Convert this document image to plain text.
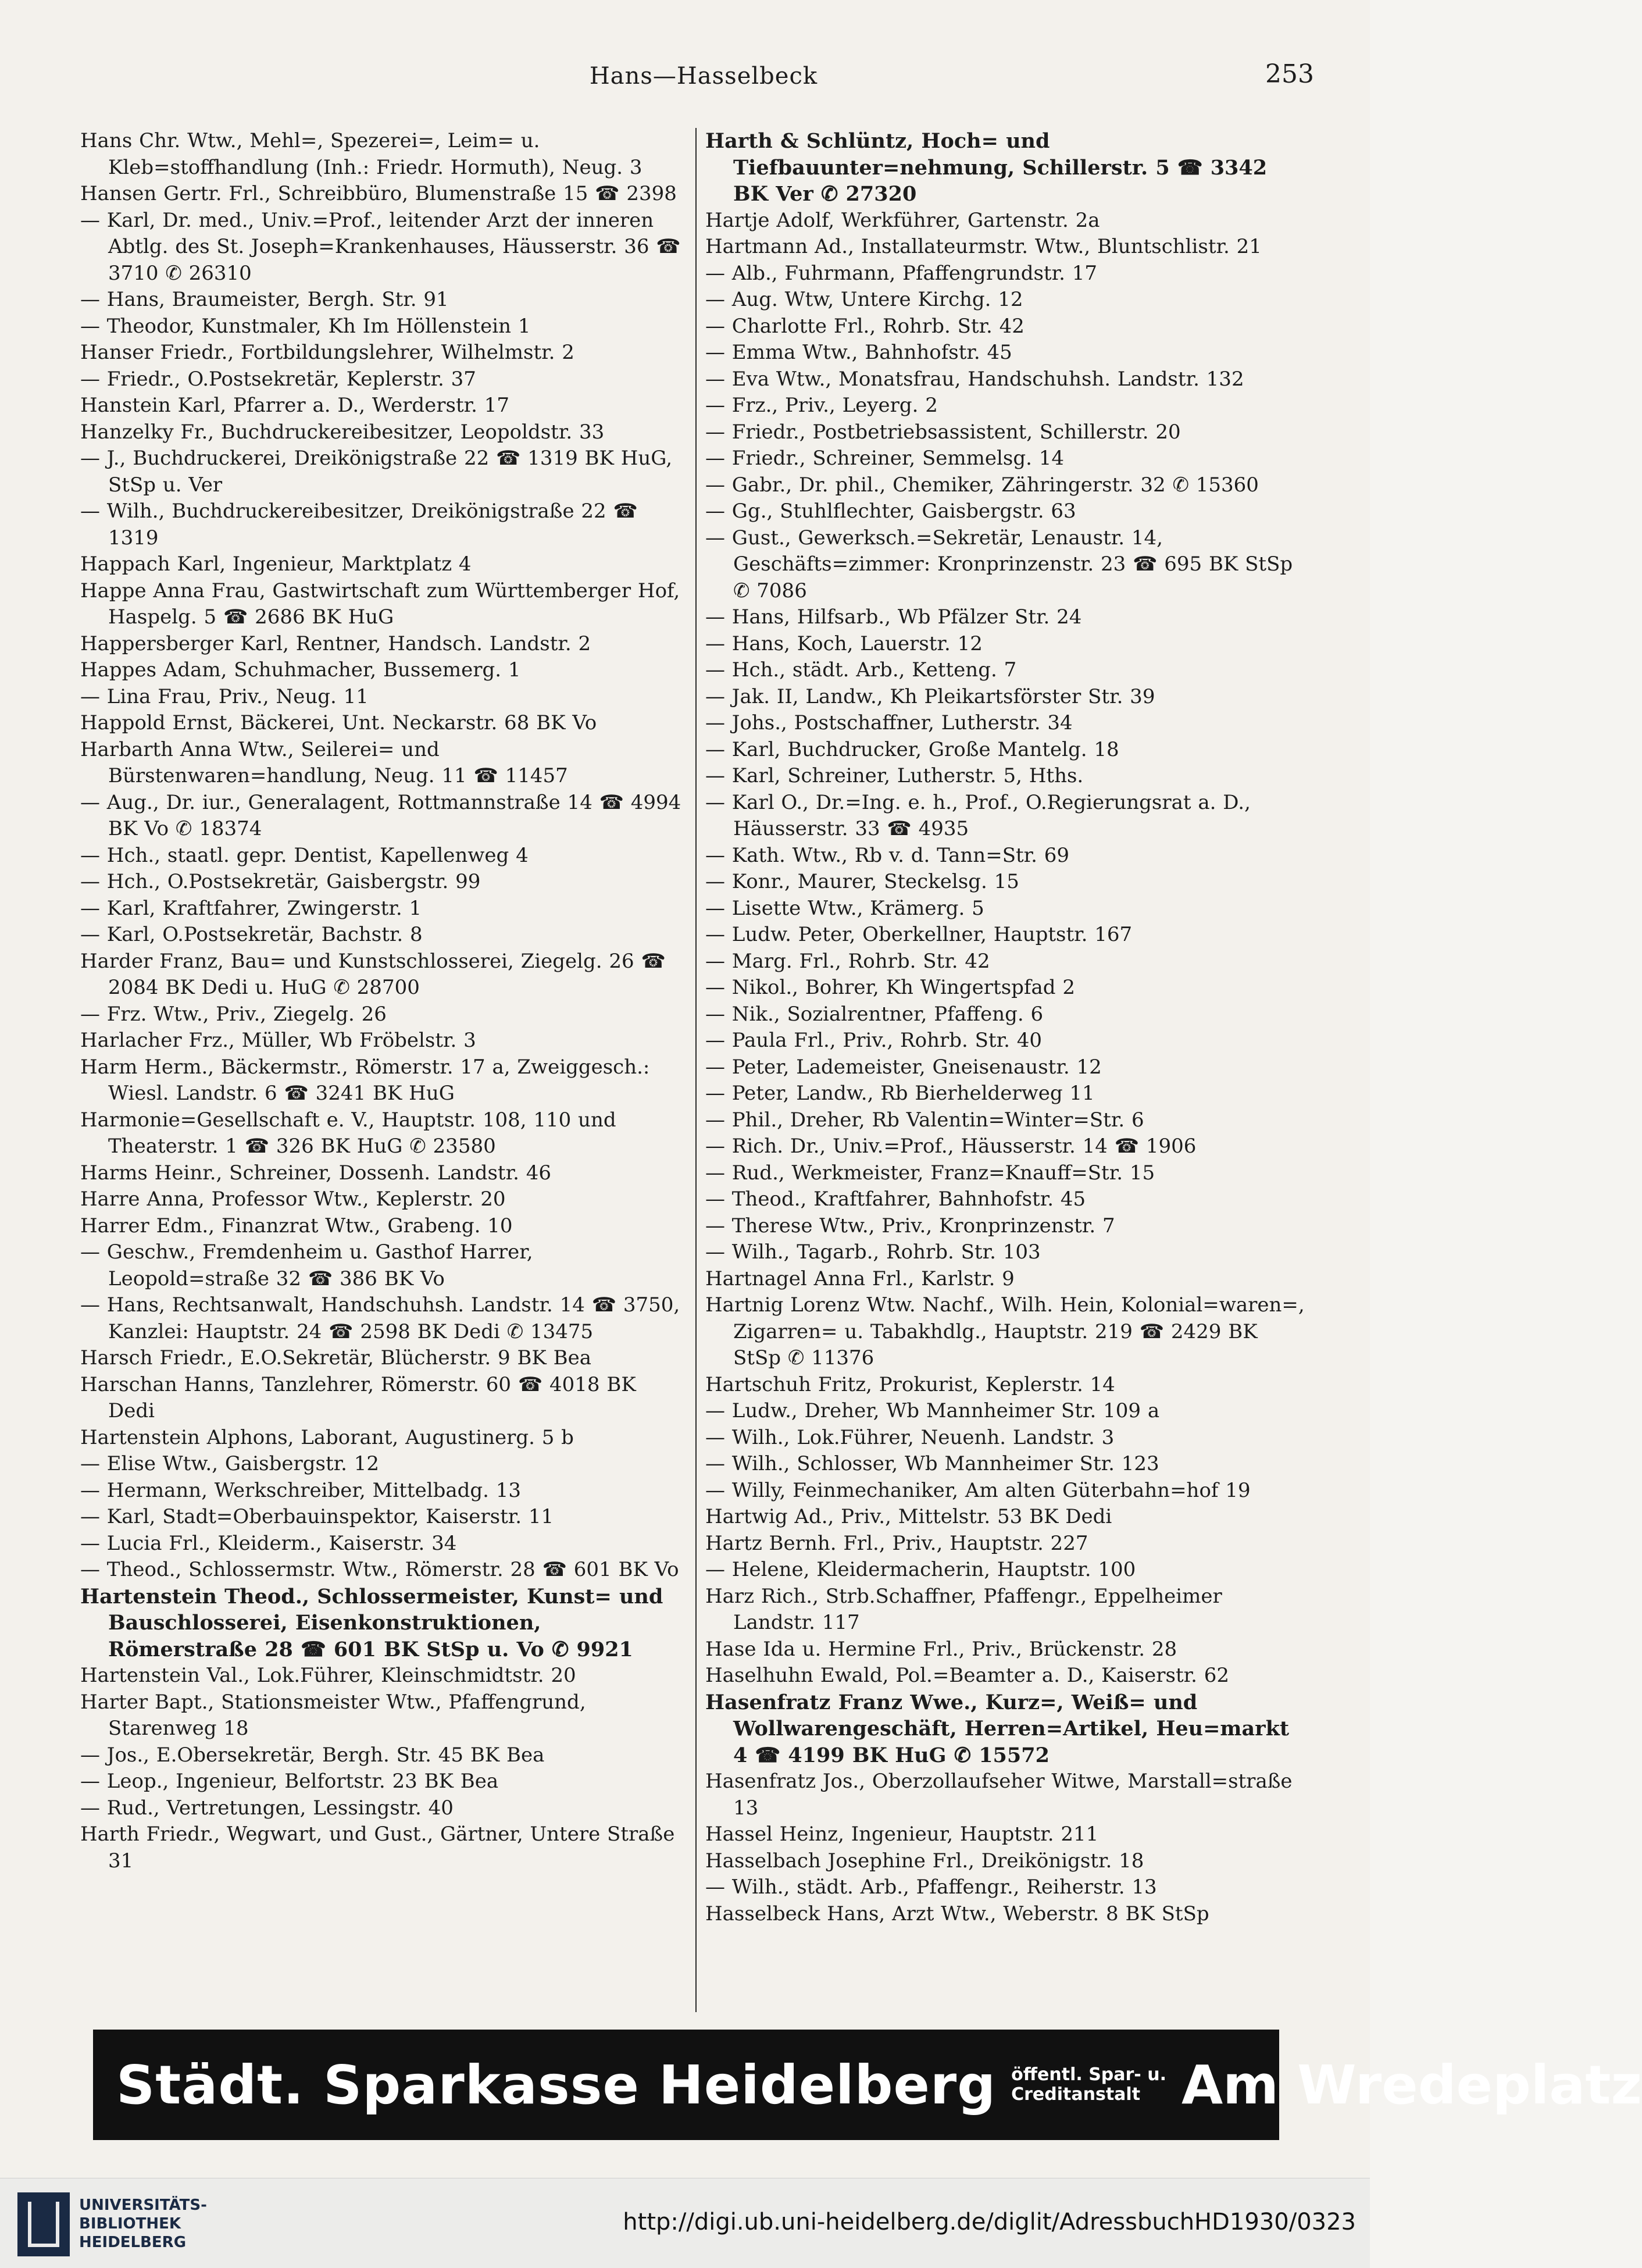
Hans—Hasselbeck	253

Hans Chr. Wtw., Mehl=, Spezerei=, Leim= u. Kleb=stoffhandlung (Inh.: Friedr. Hormuth), Neug. 3

Hansen Gertr. Frl., Schreibbüro, Blumenstraße 15 ☎ 2398

— Karl, Dr. med., Univ.=Prof., leitender Arzt der inneren Abtlg. des St. Joseph=Krankenhauses, Häusserstr. 36 ☎ 3710 ✆ 26310

— Hans, Braumeister, Bergh. Str. 91

— Theodor, Kunstmaler, Kh Im Höllenstein 1

Hanser Friedr., Fortbildungslehrer, Wilhelmstr. 2

— Friedr., O.Postsekretär, Keplerstr. 37

Hanstein Karl, Pfarrer a. D., Werderstr. 17

Hanzelky Fr., Buchdruckereibesitzer, Leopoldstr. 33

— J., Buchdruckerei, Dreikönigstraße 22 ☎ 1319 BK HuG, StSp u. Ver

— Wilh., Buchdruckereibesitzer, Dreikönigstraße 22 ☎ 1319

Happach Karl, Ingenieur, Marktplatz 4

Happe Anna Frau, Gastwirtschaft zum Württemberger Hof, Haspelg. 5 ☎ 2686 BK HuG

Happersberger Karl, Rentner, Handsch. Landstr. 2

Happes Adam, Schuhmacher, Bussemerg. 1

— Lina Frau, Priv., Neug. 11

Happold Ernst, Bäckerei, Unt. Neckarstr. 68 BK Vo

Harbarth Anna Wtw., Seilerei= und Bürstenwaren=handlung, Neug. 11 ☎ 11457

— Aug., Dr. iur., Generalagent, Rottmannstraße 14 ☎ 4994 BK Vo ✆ 18374

— Hch., staatl. gepr. Dentist, Kapellenweg 4

— Hch., O.Postsekretär, Gaisbergstr. 99

— Karl, Kraftfahrer, Zwingerstr. 1

— Karl, O.Postsekretär, Bachstr. 8

Harder Franz, Bau= und Kunstschlosserei, Ziegelg. 26 ☎ 2084 BK Dedi u. HuG ✆ 28700

— Frz. Wtw., Priv., Ziegelg. 26

Harlacher Frz., Müller, Wb Fröbelstr. 3

Harm Herm., Bäckermstr., Römerstr. 17 a, Zweiggesch.: Wiesl. Landstr. 6 ☎ 3241 BK HuG

Harmonie=Gesellschaft e. V., Hauptstr. 108, 110 und Theaterstr. 1 ☎ 326 BK HuG ✆ 23580

Harms Heinr., Schreiner, Dossenh. Landstr. 46

Harre Anna, Professor Wtw., Keplerstr. 20

Harrer Edm., Finanzrat Wtw., Grabeng. 10

— Geschw., Fremdenheim u. Gasthof Harrer, Leopold=straße 32 ☎ 386 BK Vo

— Hans, Rechtsanwalt, Handschuhsh. Landstr. 14 ☎ 3750, Kanzlei: Hauptstr. 24 ☎ 2598 BK Dedi ✆ 13475

Harsch Friedr., E.O.Sekretär, Blücherstr. 9 BK Bea

Harschan Hanns, Tanzlehrer, Römerstr. 60 ☎ 4018 BK Dedi

Hartenstein Alphons, Laborant, Augustinerg. 5 b

— Elise Wtw., Gaisbergstr. 12

— Hermann, Werkschreiber, Mittelbadg. 13

— Karl, Stadt=Oberbauinspektor, Kaiserstr. 11

— Lucia Frl., Kleiderm., Kaiserstr. 34

— Theod., Schlossermstr. Wtw., Römerstr. 28 ☎ 601 BK Vo

Hartenstein Theod., Schlossermeister, Kunst= und Bauschlosserei, Eisenkonstruktionen, Römerstraße 28 ☎ 601 BK StSp u. Vo ✆ 9921

Hartenstein Val., Lok.Führer, Kleinschmidtstr. 20

Harter Bapt., Stationsmeister Wtw., Pfaffengrund, Starenweg 18

— Jos., E.Obersekretär, Bergh. Str. 45 BK Bea

— Leop., Ingenieur, Belfortstr. 23 BK Bea

— Rud., Vertretungen, Lessingstr. 40

Harth Friedr., Wegwart, und Gust., Gärtner, Untere Straße 31

Harth & Schlüntz, Hoch= und Tiefbauunter=nehmung, Schillerstr. 5 ☎ 3342 BK Ver ✆ 27320

Hartje Adolf, Werkführer, Gartenstr. 2a

Hartmann Ad., Installateurmstr. Wtw., Bluntschlistr. 21

— Alb., Fuhrmann, Pfaffengrundstr. 17

— Aug. Wtw, Untere Kirchg. 12

— Charlotte Frl., Rohrb. Str. 42

— Emma Wtw., Bahnhofstr. 45

— Eva Wtw., Monatsfrau, Handschuhsh. Landstr. 132

— Frz., Priv., Leyerg. 2

— Friedr., Postbetriebsassistent, Schillerstr. 20

— Friedr., Schreiner, Semmelsg. 14

— Gabr., Dr. phil., Chemiker, Zähringerstr. 32 ✆ 15360

— Gg., Stuhlflechter, Gaisbergstr. 63

— Gust., Gewerksch.=Sekretär, Lenaustr. 14, Geschäfts=zimmer: Kronprinzenstr. 23 ☎ 695 BK StSp ✆ 7086

— Hans, Hilfsarb., Wb Pfälzer Str. 24

— Hans, Koch, Lauerstr. 12

— Hch., städt. Arb., Ketteng. 7

— Jak. II, Landw., Kh Pleikartsförster Str. 39

— Johs., Postschaffner, Lutherstr. 34

— Karl, Buchdrucker, Große Mantelg. 18

— Karl, Schreiner, Lutherstr. 5, Hths.

— Karl O., Dr.=Ing. e. h., Prof., O.Regierungsrat a. D., Häusserstr. 33 ☎ 4935

— Kath. Wtw., Rb v. d. Tann=Str. 69

— Konr., Maurer, Steckelsg. 15

— Lisette Wtw., Krämerg. 5

— Ludw. Peter, Oberkellner, Hauptstr. 167

— Marg. Frl., Rohrb. Str. 42

— Nikol., Bohrer, Kh Wingertspfad 2

— Nik., Sozialrentner, Pfaffeng. 6

— Paula Frl., Priv., Rohrb. Str. 40

— Peter, Lademeister, Gneisenaustr. 12

— Peter, Landw., Rb Bierhelderweg 11

— Phil., Dreher, Rb Valentin=Winter=Str. 6

— Rich. Dr., Univ.=Prof., Häusserstr. 14 ☎ 1906

— Rud., Werkmeister, Franz=Knauff=Str. 15

— Theod., Kraftfahrer, Bahnhofstr. 45

— Therese Wtw., Priv., Kronprinzenstr. 7

— Wilh., Tagarb., Rohrb. Str. 103

Hartnagel Anna Frl., Karlstr. 9

Hartnig Lorenz Wtw. Nachf., Wilh. Hein, Kolonial=waren=, Zigarren= u. Tabakhdlg., Hauptstr. 219 ☎ 2429 BK StSp ✆ 11376

Hartschuh Fritz, Prokurist, Keplerstr. 14

— Ludw., Dreher, Wb Mannheimer Str. 109 a

— Wilh., Lok.Führer, Neuenh. Landstr. 3

— Wilh., Schlosser, Wb Mannheimer Str. 123

— Willy, Feinmechaniker, Am alten Güterbahn=hof 19

Hartwig Ad., Priv., Mittelstr. 53 BK Dedi

Hartz Bernh. Frl., Priv., Hauptstr. 227

— Helene, Kleidermacherin, Hauptstr. 100

Harz Rich., Strb.Schaffner, Pfaffengr., Eppelheimer Landstr. 117

Hase Ida u. Hermine Frl., Priv., Brückenstr. 28

Haselhuhn Ewald, Pol.=Beamter a. D., Kaiserstr. 62

Hasenfratz Franz Wwe., Kurz=, Weiß= und Wollwarengeschäft, Herren=Artikel, Heu=markt 4 ☎ 4199 BK HuG ✆ 15572

Hasenfratz Jos., Oberzollaufseher Witwe, Marstall=straße 13

Hassel Heinz, Ingenieur, Hauptstr. 211

Hasselbach Josephine Frl., Dreikönigstr. 18

— Wilh., städt. Arb., Pfaffengr., Reiherstr. 13

Hasselbeck Hans, Arzt Wtw., Weberstr. 8 BK StSp

Städt. Sparkasse Heidelberg öffentl. Spar- u.
Creditanstalt Am Wredeplatz
UNIVERSITÄTS-
BIBLIOTHEK
HEIDELBERG
http://digi.ub.uni-heidelberg.de/diglit/AdressbuchHD1930/0323
